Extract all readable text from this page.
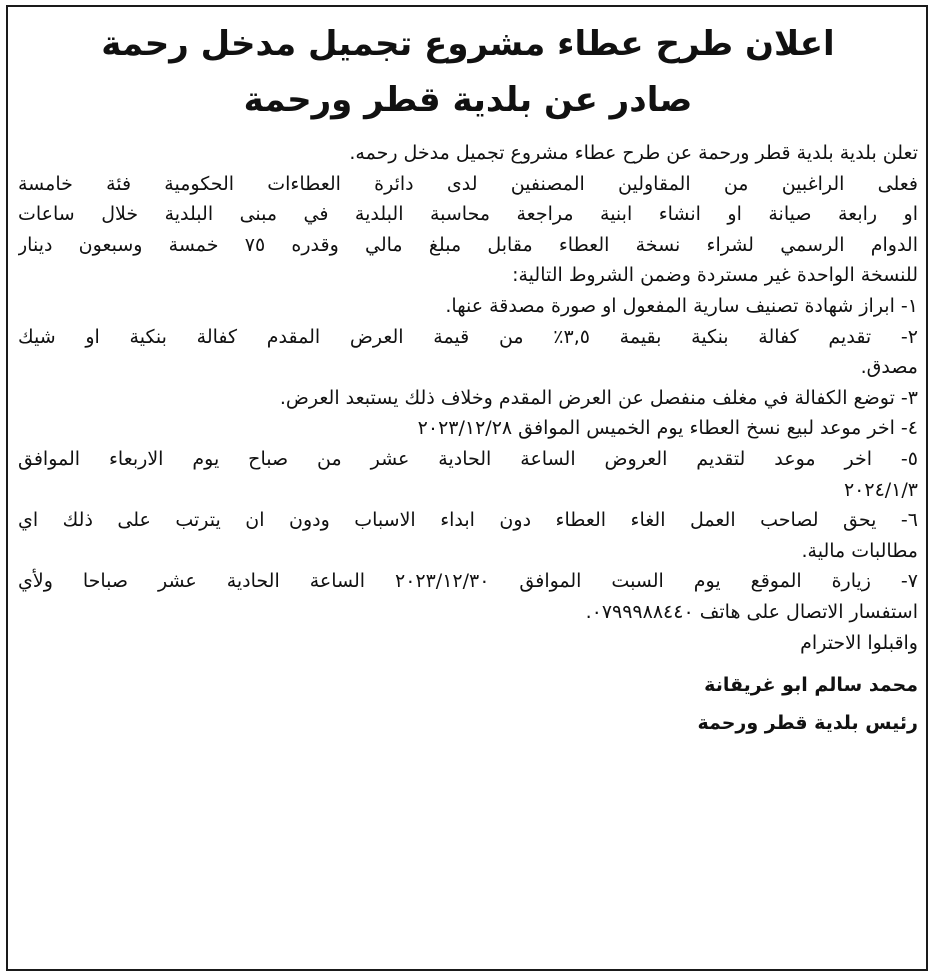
اعلان طرح عطاء مشروع تجميل مدخل رحمة
صادر عن بلدية قطر ورحمة
تعلن بلدية بلدية قطر ورحمة عن طرح عطاء مشروع تجميل مدخل رحمه.
فعلى الراغبين من المقاولين المصنفين لدى دائرة العطاءات الحكومية فئة خامسة
او رابعة صيانة او انشاء ابنية مراجعة محاسبة البلدية في مبنى البلدية خلال ساعات
الدوام الرسمي لشراء نسخة العطاء مقابل مبلغ مالي وقدره ٧٥ خمسة وسبعون دينار
للنسخة الواحدة غير مستردة وضمن الشروط التالية:
١- ابراز شهادة تصنيف سارية المفعول او صورة مصدقة عنها.
٢- تقديم كفالة بنكية بقيمة ٣,٥٪ من قيمة العرض المقدم كفالة بنكية او شيك
مصدق.
٣- توضع الكفالة في مغلف منفصل عن العرض المقدم وخلاف ذلك يستبعد العرض.
٤- اخر موعد لبيع نسخ العطاء يوم الخميس الموافق ٢٠٢٣/١٢/٢٨
٥- اخر موعد لتقديم العروض الساعة الحادية عشر من صباح يوم الاربعاء الموافق
٢٠٢٤/١/٣
٦- يحق لصاحب العمل الغاء العطاء دون ابداء الاسباب ودون ان يترتب على ذلك اي
مطالبات مالية.
٧- زيارة الموقع يوم السبت الموافق ٢٠٢٣/١٢/٣٠ الساعة الحادية عشر صباحا ولأي
استفسار الاتصال على هاتف ٠٧٩٩٩٨٨٤٤٠.
واقبلوا الاحترام
محمد سالم ابو غريقانة
رئيس بلدية قطر ورحمة
